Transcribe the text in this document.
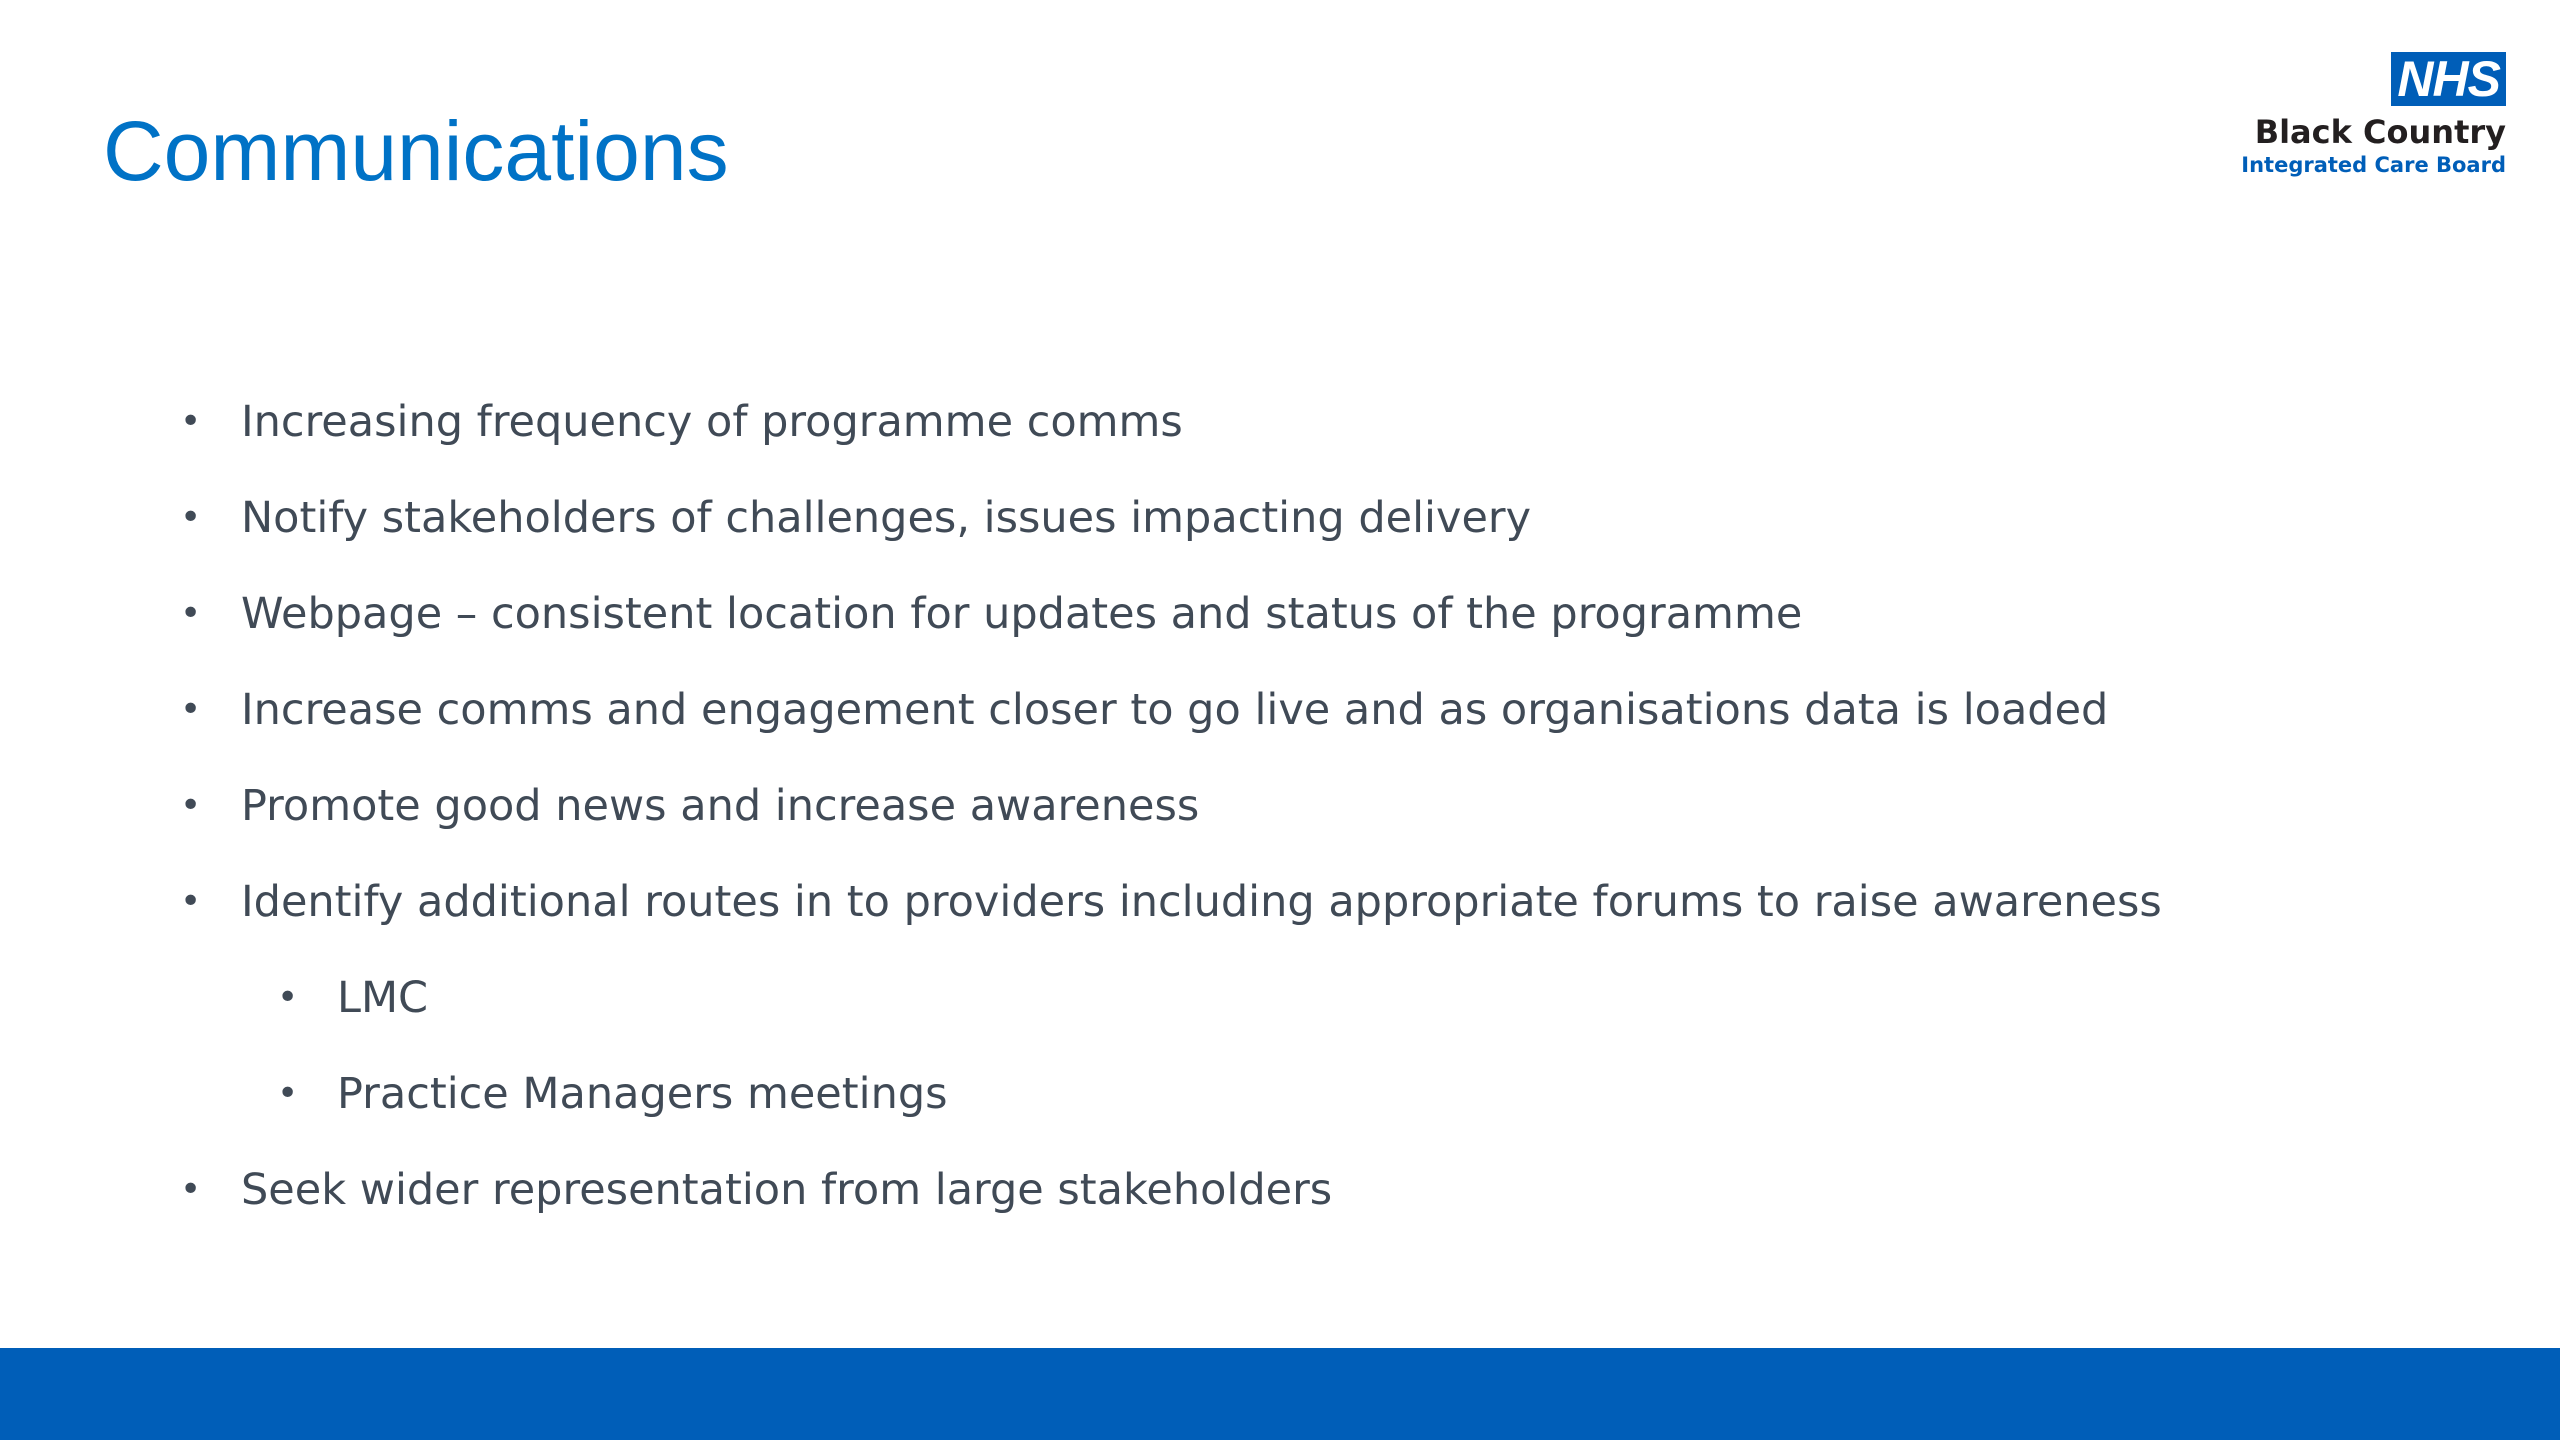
Communications
NHS
Black Country
Integrated Care Board
• Increasing frequency of programme comms
• Notify stakeholders of challenges, issues impacting delivery
• Webpage – consistent location for updates and status of the programme
• Increase comms and engagement closer to go live and as organisations data is loaded
• Promote good news and increase awareness
• Identify additional routes in to providers including appropriate forums to raise awareness
• LMC
• Practice Managers meetings
• Seek wider representation from large stakeholders
